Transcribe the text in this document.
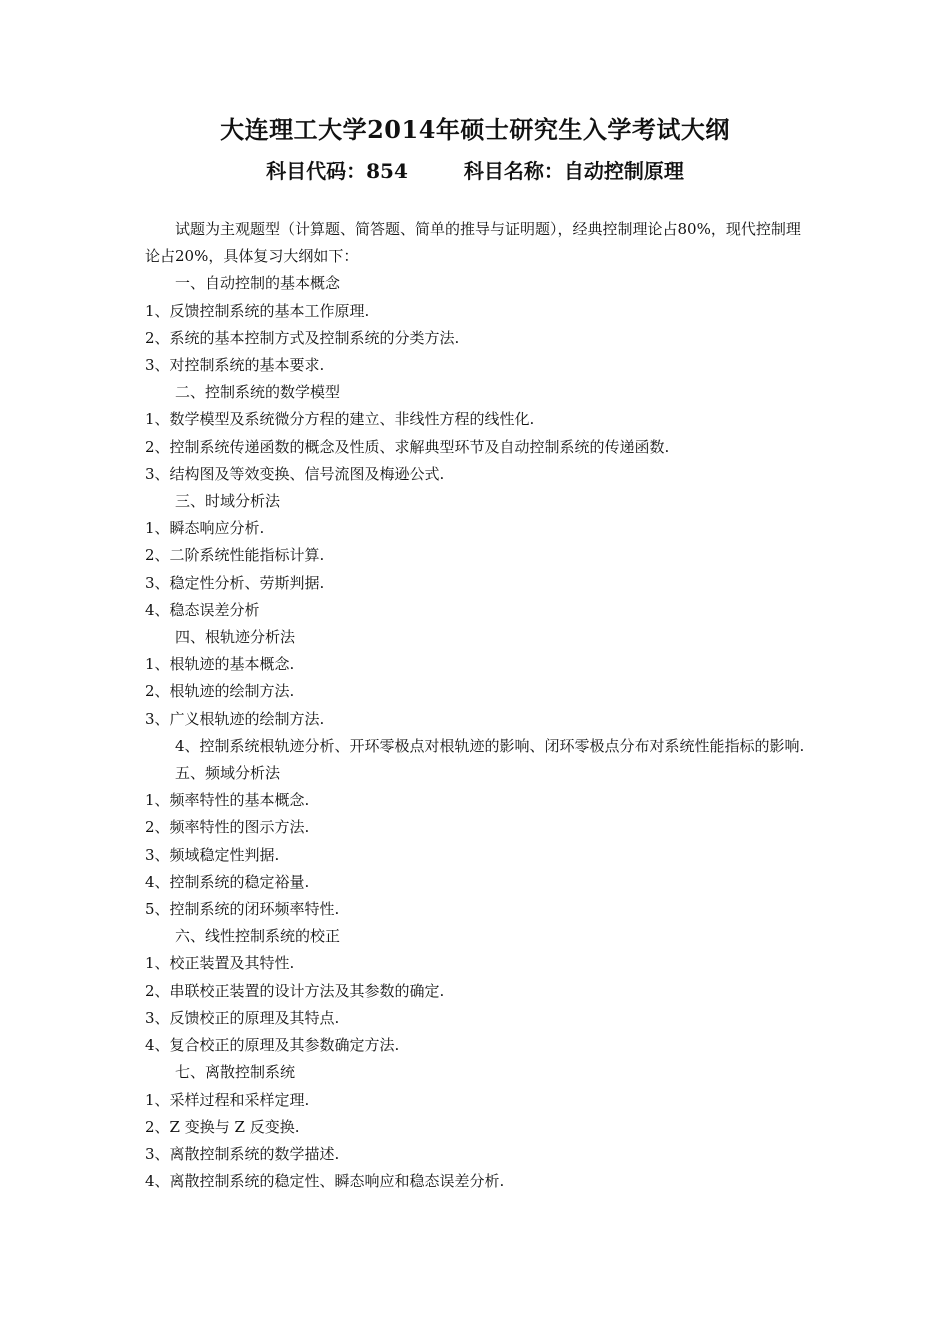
大连理工大学2014年硕士研究生入学考试大纲
科目代码：854	科目名称：自动控制原理

试题为主观题型（计算题、简答题、简单的推导与证明题），经典控制理论占80%，现代控制理论占20%，具体复习大纲如下：

一、自动控制的基本概念

1、反馈控制系统的基本工作原理.

2、系统的基本控制方式及控制系统的分类方法.

3、对控制系统的基本要求.

二、控制系统的数学模型

1、数学模型及系统微分方程的建立、非线性方程的线性化.

2、控制系统传递函数的概念及性质、求解典型环节及自动控制系统的传递函数.

3、结构图及等效变换、信号流图及梅逊公式.

三、时域分析法

1、瞬态响应分析.

2、二阶系统性能指标计算.

3、稳定性分析、劳斯判据.

4、稳态误差分析

四、根轨迹分析法

1、根轨迹的基本概念.

2、根轨迹的绘制方法.

3、广义根轨迹的绘制方法.

4、控制系统根轨迹分析、开环零极点对根轨迹的影响、闭环零极点分布对系统性能指标的影响.

五、频域分析法

1、频率特性的基本概念.

2、频率特性的图示方法.

3、频域稳定性判据.

4、控制系统的稳定裕量.

5、控制系统的闭环频率特性.

六、线性控制系统的校正

1、校正装置及其特性.

2、串联校正装置的设计方法及其参数的确定.

3、反馈校正的原理及其特点.

4、复合校正的原理及其参数确定方法.

七、离散控制系统

1、采样过程和采样定理.

2、Z 变换与 Z 反变换.

3、离散控制系统的数学描述.

4、离散控制系统的稳定性、瞬态响应和稳态误差分析.
